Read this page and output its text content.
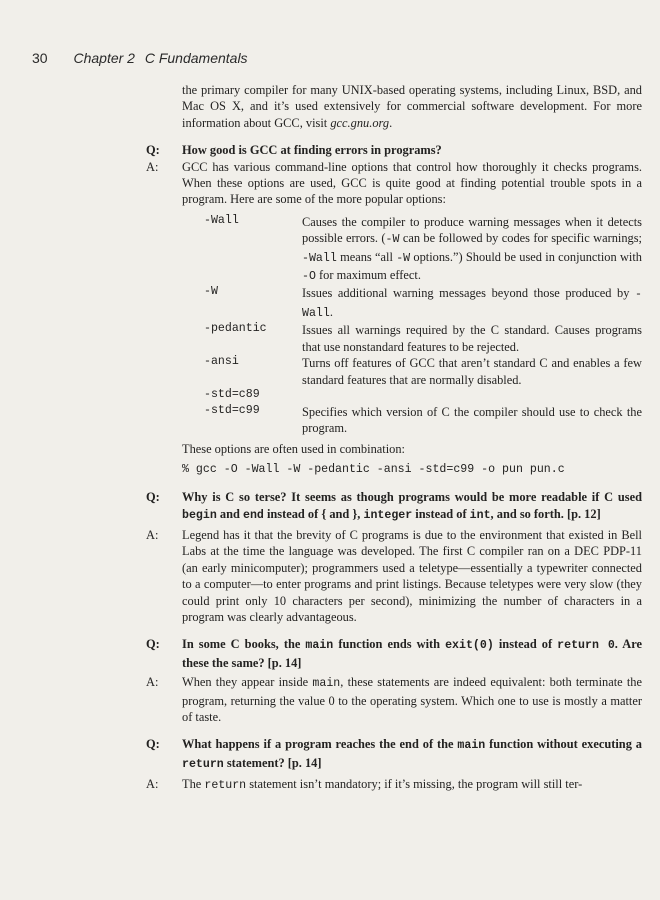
30 Chapter 2 C Fundamentals

the primary compiler for many UNIX-based operating systems, including Linux, BSD, and Mac OS X, and it’s used extensively for commercial software development. For more information about GCC, visit gcc.gnu.org.

Q: How good is GCC at finding errors in programs?

A: GCC has various command-line options that control how thoroughly it checks programs. When these options are used, GCC is quite good at finding potential trouble spots in a program. Here are some of the more popular options:

-Wall	Causes the compiler to produce warning messages when it detects possible errors. (-W can be followed by codes for specific warnings; -Wall means “all -W options.”) Should be used in conjunction with -O for maximum effect.

-W	Issues additional warning messages beyond those produced by -Wall.

-pedantic	Issues all warnings required by the C standard. Causes programs that use nonstandard features to be rejected.

-ansi	Turns off features of GCC that aren’t standard C and enables a few standard features that are normally disabled.

-std=c89

-std=c99	Specifies which version of C the compiler should use to check the program.

These options are often used in combination:

% gcc -O -Wall -W -pedantic -ansi -std=c99 -o pun pun.c

Q: Why is C so terse? It seems as though programs would be more readable if C used begin and end instead of { and }, integer instead of int, and so forth. [p. 12]

A: Legend has it that the brevity of C programs is due to the environment that existed in Bell Labs at the time the language was developed. The first C compiler ran on a DEC PDP-11 (an early minicomputer); programmers used a teletype—essentially a typewriter connected to a computer—to enter programs and print listings. Because teletypes were very slow (they could print only 10 characters per second), minimizing the number of characters in a program was clearly advantageous.

Q: In some C books, the main function ends with exit(0) instead of return 0. Are these the same? [p. 14]

A: When they appear inside main, these statements are indeed equivalent: both terminate the program, returning the value 0 to the operating system. Which one to use is mostly a matter of taste.

Q: What happens if a program reaches the end of the main function without executing a return statement? [p. 14]

A: The return statement isn’t mandatory; if it’s missing, the program will still ter-
